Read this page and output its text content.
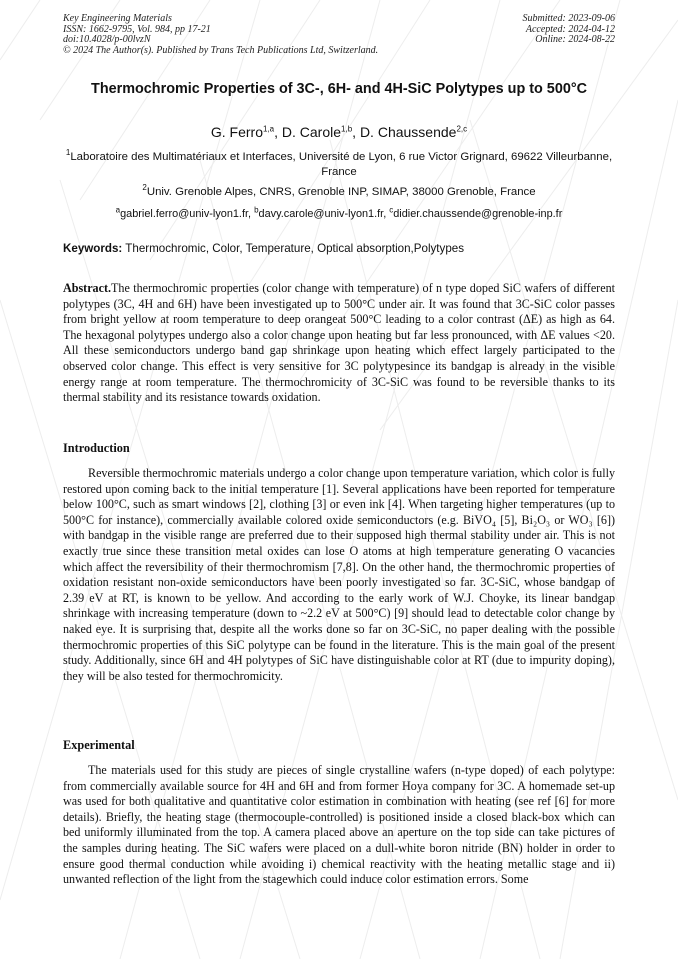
Key Engineering Materials
ISSN: 1662-9795, Vol. 984, pp 17-21
doi:10.4028/p-00lvzN
© 2024 The Author(s). Published by Trans Tech Publications Ltd, Switzerland.
Submitted: 2023-09-06
Accepted: 2024-04-12
Online: 2024-08-22
Thermochromic Properties of 3C-, 6H- and 4H-SiC Polytypes up to 500°C
G. Ferro$^{1,a}$, D. Carole$^{1,b}$, D. Chaussende$^{2,c}$
$^1$Laboratoire des Multimatériaux et Interfaces, Université de Lyon, 6 rue Victor Grignard, 69622 Villeurbanne, France
$^2$Univ. Grenoble Alpes, CNRS, Grenoble INP, SIMAP, 38000 Grenoble, France
$^a$gabriel.ferro@univ-lyon1.fr, $^b$davy.carole@univ-lyon1.fr, $^c$didier.chaussende@grenoble-inp.fr
Keywords: Thermochromic, Color, Temperature, Optical absorption,Polytypes

Abstract.The thermochromic properties (color change with temperature) of n type doped SiC wafers of different polytypes (3C, 4H and 6H) have been investigated up to 500°C under air. It was found that 3C-SiC color passes from bright yellow at room temperature to deep orangeat 500°C leading to a color contrast (ΔE) as high as 64. The hexagonal polytypes undergo also a color change upon heating but far less pronounced, with ΔE values <20. All these semiconductors undergo band gap shrinkage upon heating which effect largely participated to the observed color change. This effect is very sensitive for 3C polytypesince its bandgap is already in the visible energy range at room temperature. The thermochromicity of 3C-SiC was found to be reversible thanks to its thermal stability and its resistance towards oxidation.

Introduction

Reversible thermochromic materials undergo a color change upon temperature variation, which color is fully restored upon coming back to the initial temperature [1]. Several applications have been reported for temperature below 100°C, such as smart windows [2], clothing [3] or even ink [4]. When targeting higher temperatures (up to 500°C for instance), commercially available colored oxide semiconductors (e.g. BiVO₄ [5], Bi₂O₃ or WO₃ [6]) with bandgap in the visible range are preferred due to their supposed high thermal stability under air. This is not exactly true since these transition metal oxides can lose O atoms at high temperature generating O vacancies which affect the reversibility of their thermochromism [7,8]. On the other hand, the thermochromic properties of oxidation resistant non-oxide semiconductors have been poorly investigated so far. 3C-SiC, whose bandgap of 2.39 eV at RT, is known to be yellow. And according to the early work of W.J. Choyke, its linear bandgap shrinkage with increasing temperature (down to ~2.2 eV at 500°C) [9] should lead to detectable color change by naked eye. It is surprising that, despite all the works done so far on 3C-SiC, no paper dealing with the possible thermochromic properties of this SiC polytype can be found in the literature. This is the main goal of the present study. Additionally, since 6H and 4H polytypes of SiC have distinguishable color at RT (due to impurity doping), they will be also tested for thermochromicity.

Experimental

The materials used for this study are pieces of single crystalline wafers (n-type doped) of each polytype: from commercially available source for 4H and 6H and from former Hoya company for 3C. A homemade set-up was used for both qualitative and quantitative color estimation in combination with heating (see ref [6] for more details). Briefly, the heating stage (thermocouple-controlled) is positioned inside a closed black-box which can bed uniformly illuminated from the top. A camera placed above an aperture on the top side can take pictures of the samples during heating. The SiC wafers were placed on a dull-white boron nitride (BN) holder in order to ensure good thermal conduction while avoiding i) chemical reactivity with the heating metallic stage and ii) unwanted reflection of the light from the stagewhich could induce color estimation errors. Some
